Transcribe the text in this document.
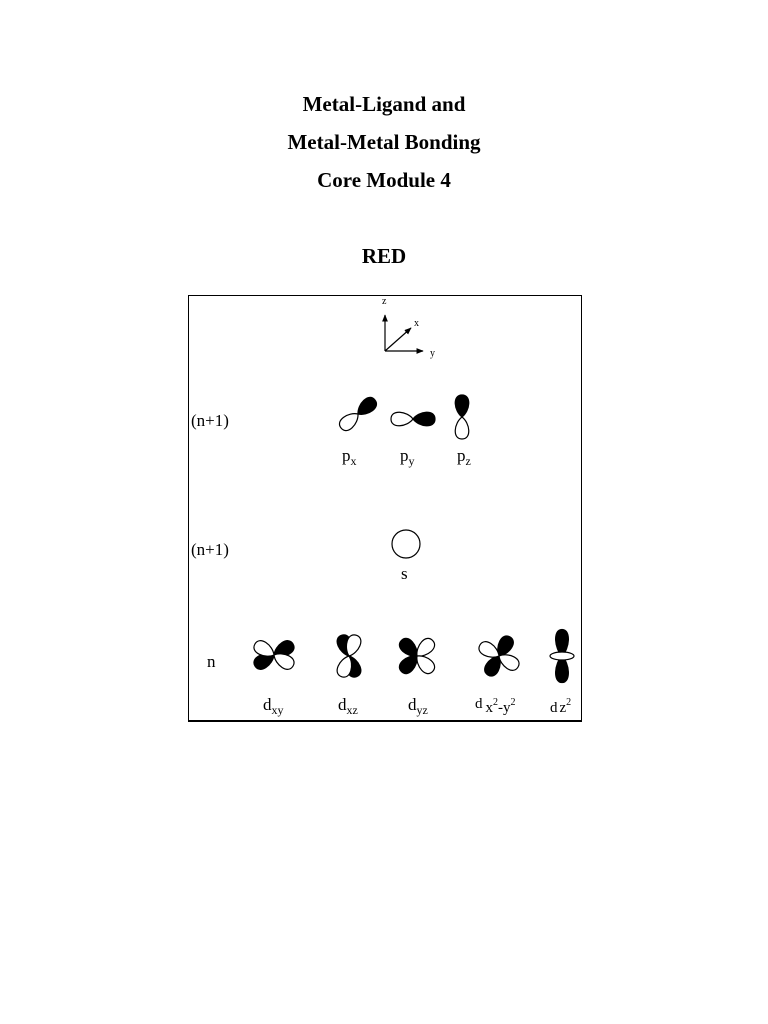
Metal-Ligand and
Metal-Metal Bonding
Core Module 4
RED
z
x
y
(n+1)
(n+1)
n
$p_x$	$p_y$	$p_z$
s
$d_{xy}$	$d_{xz}$	$d_{yz}$	d $x^2-y^2$ d $z^2$
